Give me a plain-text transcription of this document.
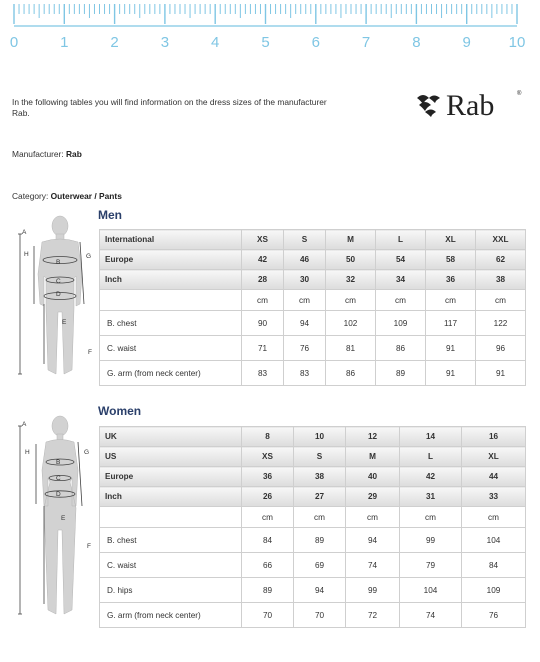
0	1	2	3	4	5	6	7	8	9	10
In the following tables you will find information on the dress sizes of the manufacturer Rab.	Rab	®
Manufacturer: Rab
Category: Outerwear / Pants
Men
A
H
B
G
C
D
E
F
International	XS	S	M	L	XL	XXL
Europe	42	46	50	54	58	62
Inch	28	30	32	34	36	38
	cm	cm	cm	cm	cm	cm
B. chest	90	94	102	109	117	122
C. waist	71	76	81	86	91	96
G. arm (from neck center)	83	83	86	89	91	91
Women
A
H
B
G
C
D
E
F
UK	8	10	12	14	16
US	XS	S	M	L	XL
Europe	36	38	40	42	44
Inch	26	27	29	31	33
	cm	cm	cm	cm	cm
B. chest	84	89	94	99	104
C. waist	66	69	74	79	84
D. hips	89	94	99	104	109
G. arm (from neck center)	70	70	72	74	76
